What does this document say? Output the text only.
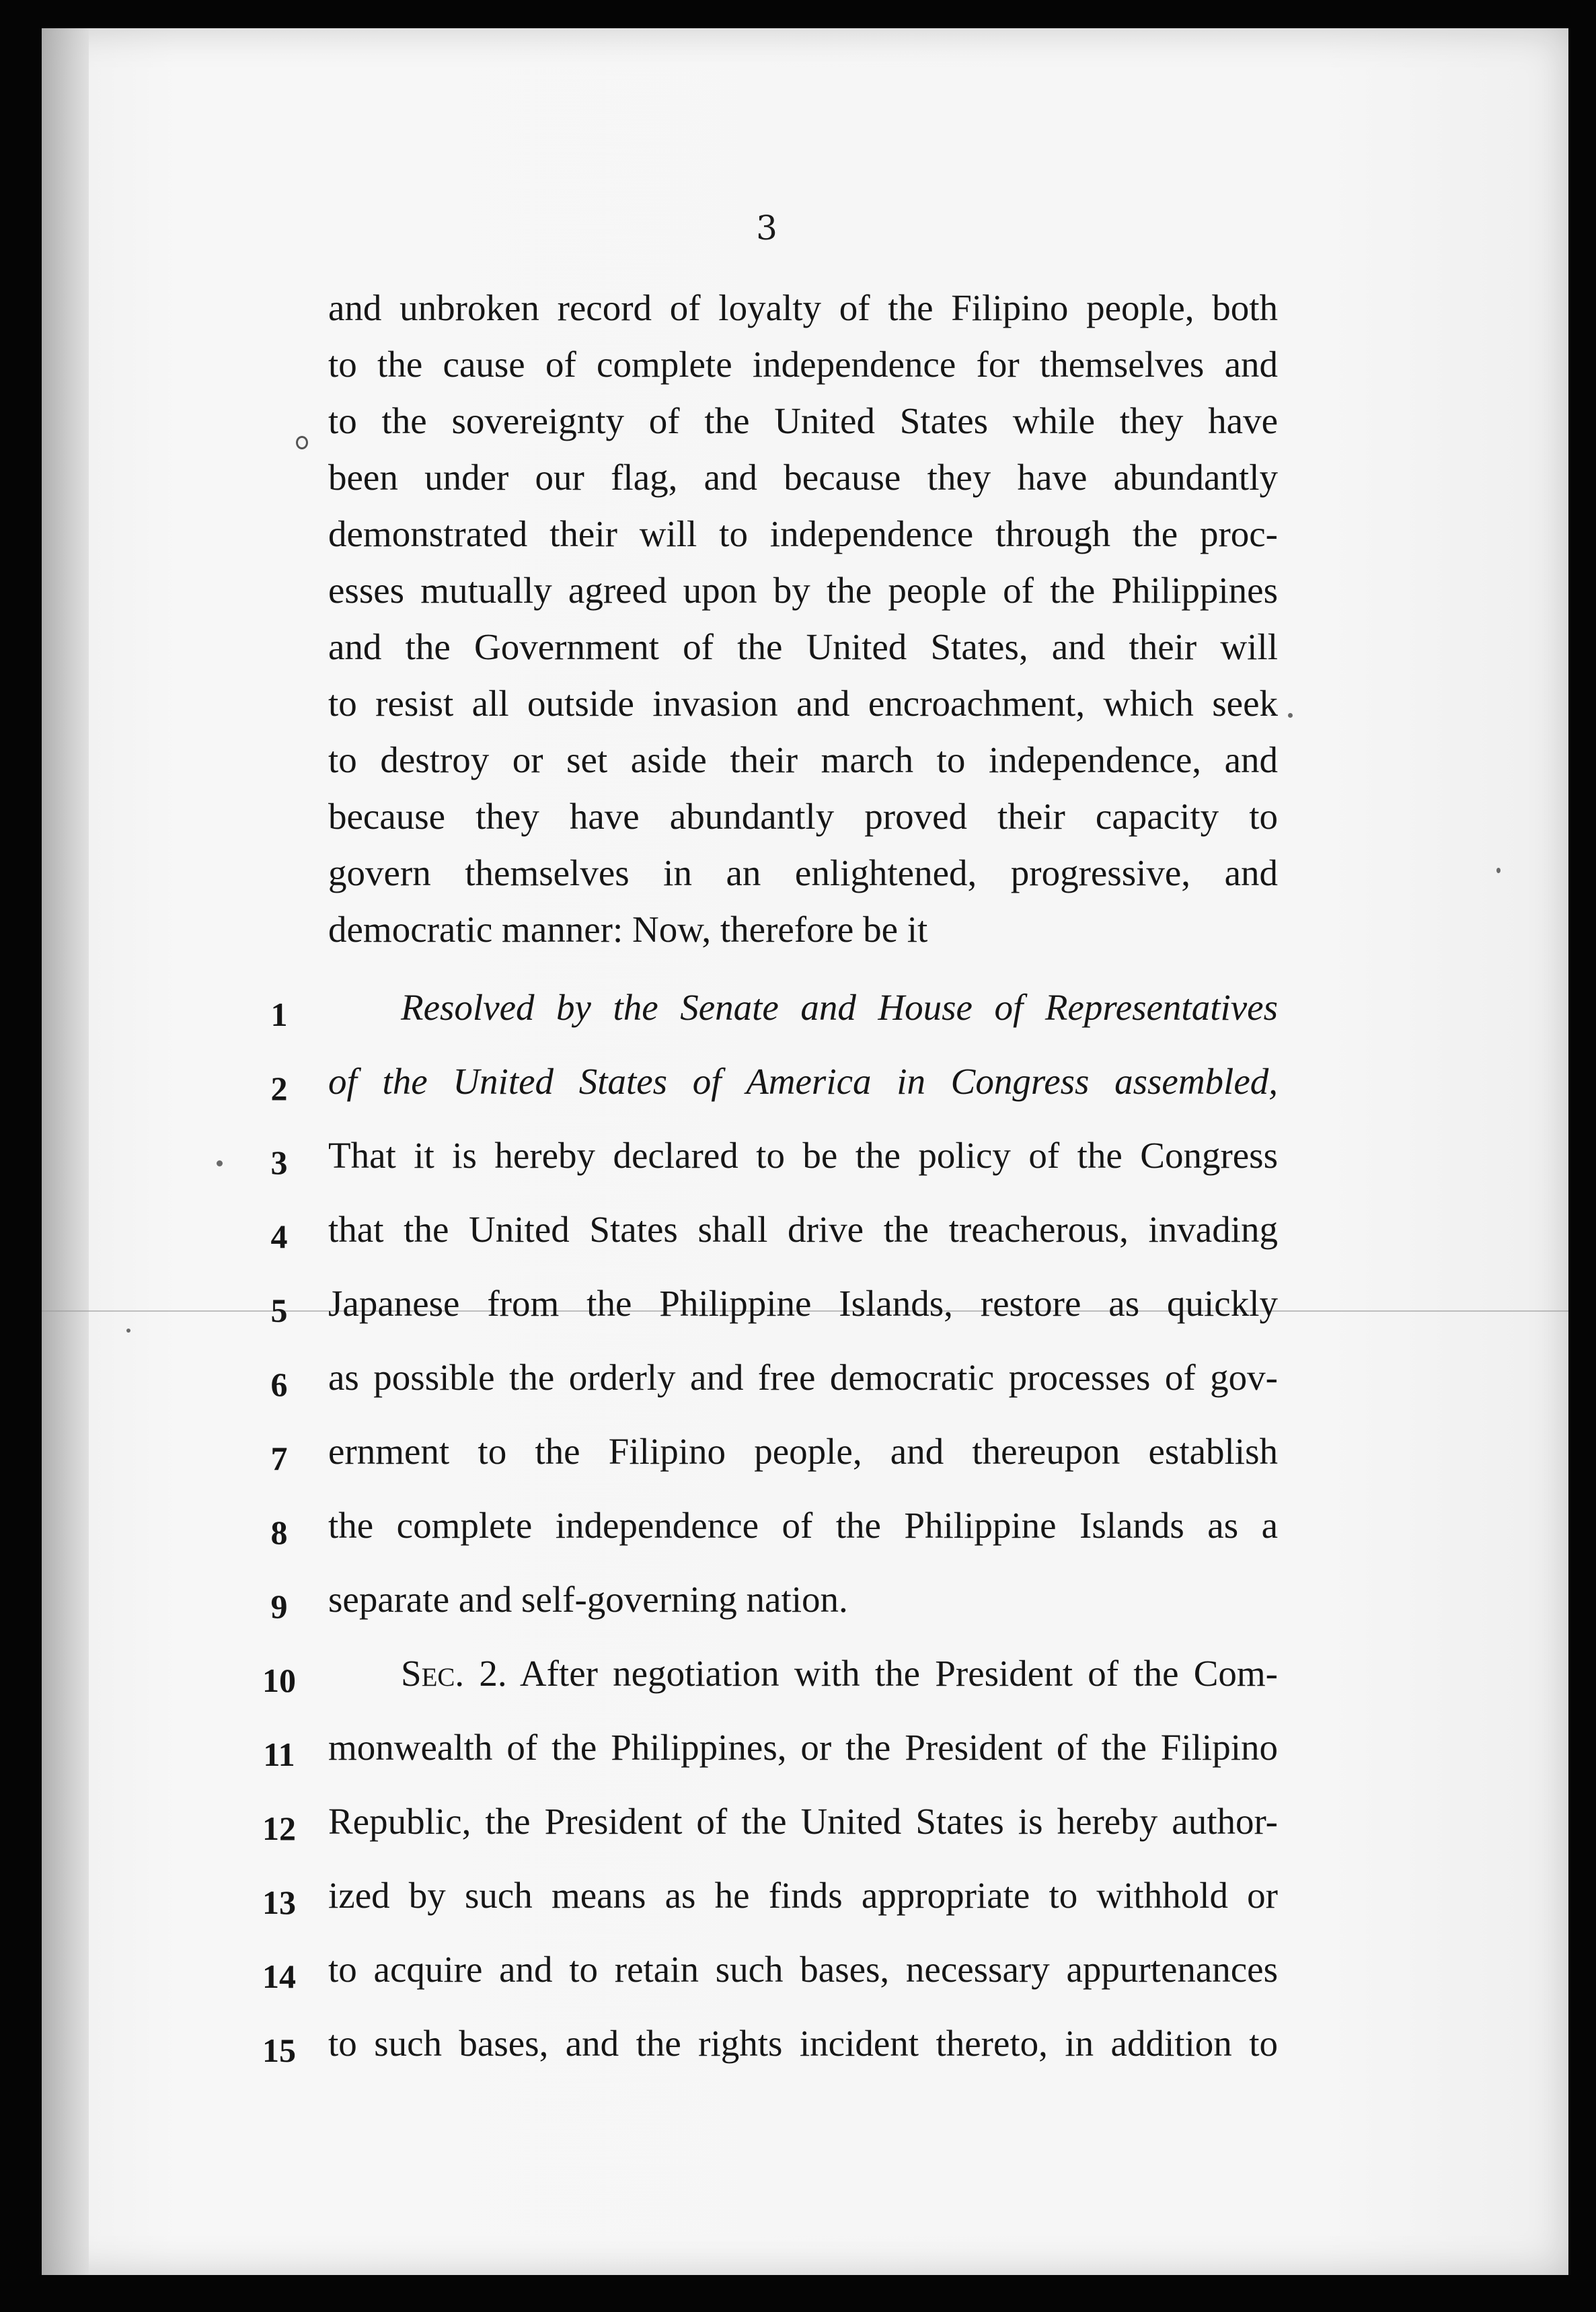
3
and unbroken record of loyalty of the Filipino people, both
to the cause of complete independence for themselves and
to the sovereignty of the United States while they have
been under our flag, and because they have abundantly
demonstrated their will to independence through the proc-
esses mutually agreed upon by the people of the Philippines
and the Government of the United States, and their will
to resist all outside invasion and encroachment, which seek
to destroy or set aside their march to independence, and
because they have abundantly proved their capacity to
govern themselves in an enlightened, progressive, and
democratic manner: Now, therefore be it
Resolved by the Senate and House of Representatives
of the United States of America in Congress assembled,
That it is hereby declared to be the policy of the Congress
that the United States shall drive the treacherous, invading
Japanese from the Philippine Islands, restore as quickly
as possible the orderly and free democratic processes of gov-
ernment to the Filipino people, and thereupon establish
the complete independence of the Philippine Islands as a
separate and self-governing nation.
Sec. 2. After negotiation with the President of the Com-
monwealth of the Philippines, or the President of the Filipino
Republic, the President of the United States is hereby author-
ized by such means as he finds appropriate to withhold or
to acquire and to retain such bases, necessary appurtenances
to such bases, and the rights incident thereto, in addition to
1
2
3
4
5
6
7
8
9
10
11
12
13
14
15
